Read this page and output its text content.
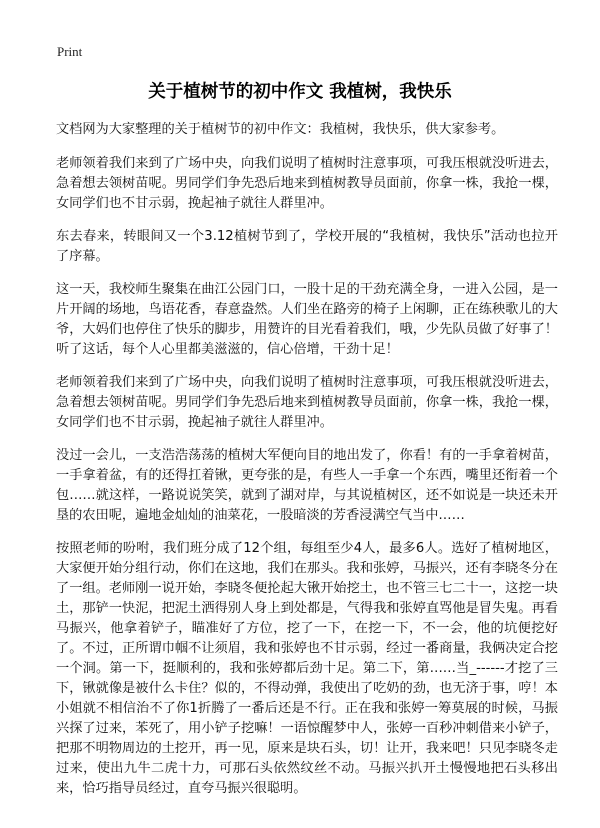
Print
关于植树节的初中作文 我植树，我快乐

文档网为大家整理的关于植树节的初中作文：我植树，我快乐，供大家参考。

老师领着我们来到了广场中央，向我们说明了植树时注意事项，可我压根就没听进去，急着想去领树苗呢。男同学们争先恐后地来到植树教导员面前，你拿一株，我抢一棵，女同学们也不甘示弱，挽起袖子就往人群里冲。

东去春来，转眼间又一个3.12植树节到了，学校开展的“我植树，我快乐”活动也拉开了序幕。

这一天，我校师生聚集在曲江公园门口，一股十足的干劲充满全身，一进入公园，是一片开阔的场地，鸟语花香，春意盎然。人们坐在路旁的椅子上闲聊，正在练秧歌儿的大爷，大妈们也停住了快乐的脚步，用赞许的目光看着我们，哦，少先队员做了好事了！听了这话，每个人心里都美滋滋的，信心倍增，干劲十足！

老师领着我们来到了广场中央，向我们说明了植树时注意事项，可我压根就没听进去，急着想去领树苗呢。男同学们争先恐后地来到植树教导员面前，你拿一株，我抢一棵，女同学们也不甘示弱，挽起袖子就往人群里冲。

没过一会儿，一支浩浩荡荡的植树大军便向目的地出发了，你看！有的一手拿着树苗，一手拿着盆，有的还得扛着锹，更夸张的是，有些人一手拿一个东西，嘴里还衔着一个包……就这样，一路说说笑笑，就到了湖对岸，与其说植树区，还不如说是一块还未开垦的农田呢，遍地金灿灿的油菜花，一股暗淡的芳香浸满空气当中……

按照老师的吩咐，我们班分成了12个组，每组至少4人，最多6人。选好了植树地区，大家便开始分组行动，你们在这地，我们在那头。我和张婷，马振兴，还有李晓冬分在了一组。老师刚一说开始，李晓冬便抡起大锹开始挖土，也不管三七二十一，这挖一块土，那铲一快泥，把泥土洒得别人身上到处都是，气得我和张婷直骂他是冒失鬼。再看马振兴，他拿着铲子，瞄准好了方位，挖了一下，在挖一下，不一会，他的坑便挖好了。不过，正所谓巾帼不让须眉，我和张婷也不甘示弱，经过一番商量，我俩决定合挖一个洞。第一下，挺顺利的，我和张婷都后劲十足。第二下，第……当_------才挖了三下，锹就像是被什么卡住？似的，不得动弹，我使出了吃奶的劲，也无济于事，哼！本小姐就不相信治不了你1折腾了一番后还是不行。正在我和张婷一筹莫展的时候，马振兴探了过来，苯死了，用小铲子挖嘛！一语惊醒梦中人，张婷一百秒冲刺借来小铲子，把那不明物周边的土挖开，再一见，原来是块石头，切！让开，我来吧！只见李晓冬走过来，使出九牛二虎十力，可那石头依然纹丝不动。马振兴扒开土慢慢地把石头移出来，恰巧指导员经过，直夸马振兴很聪明。
